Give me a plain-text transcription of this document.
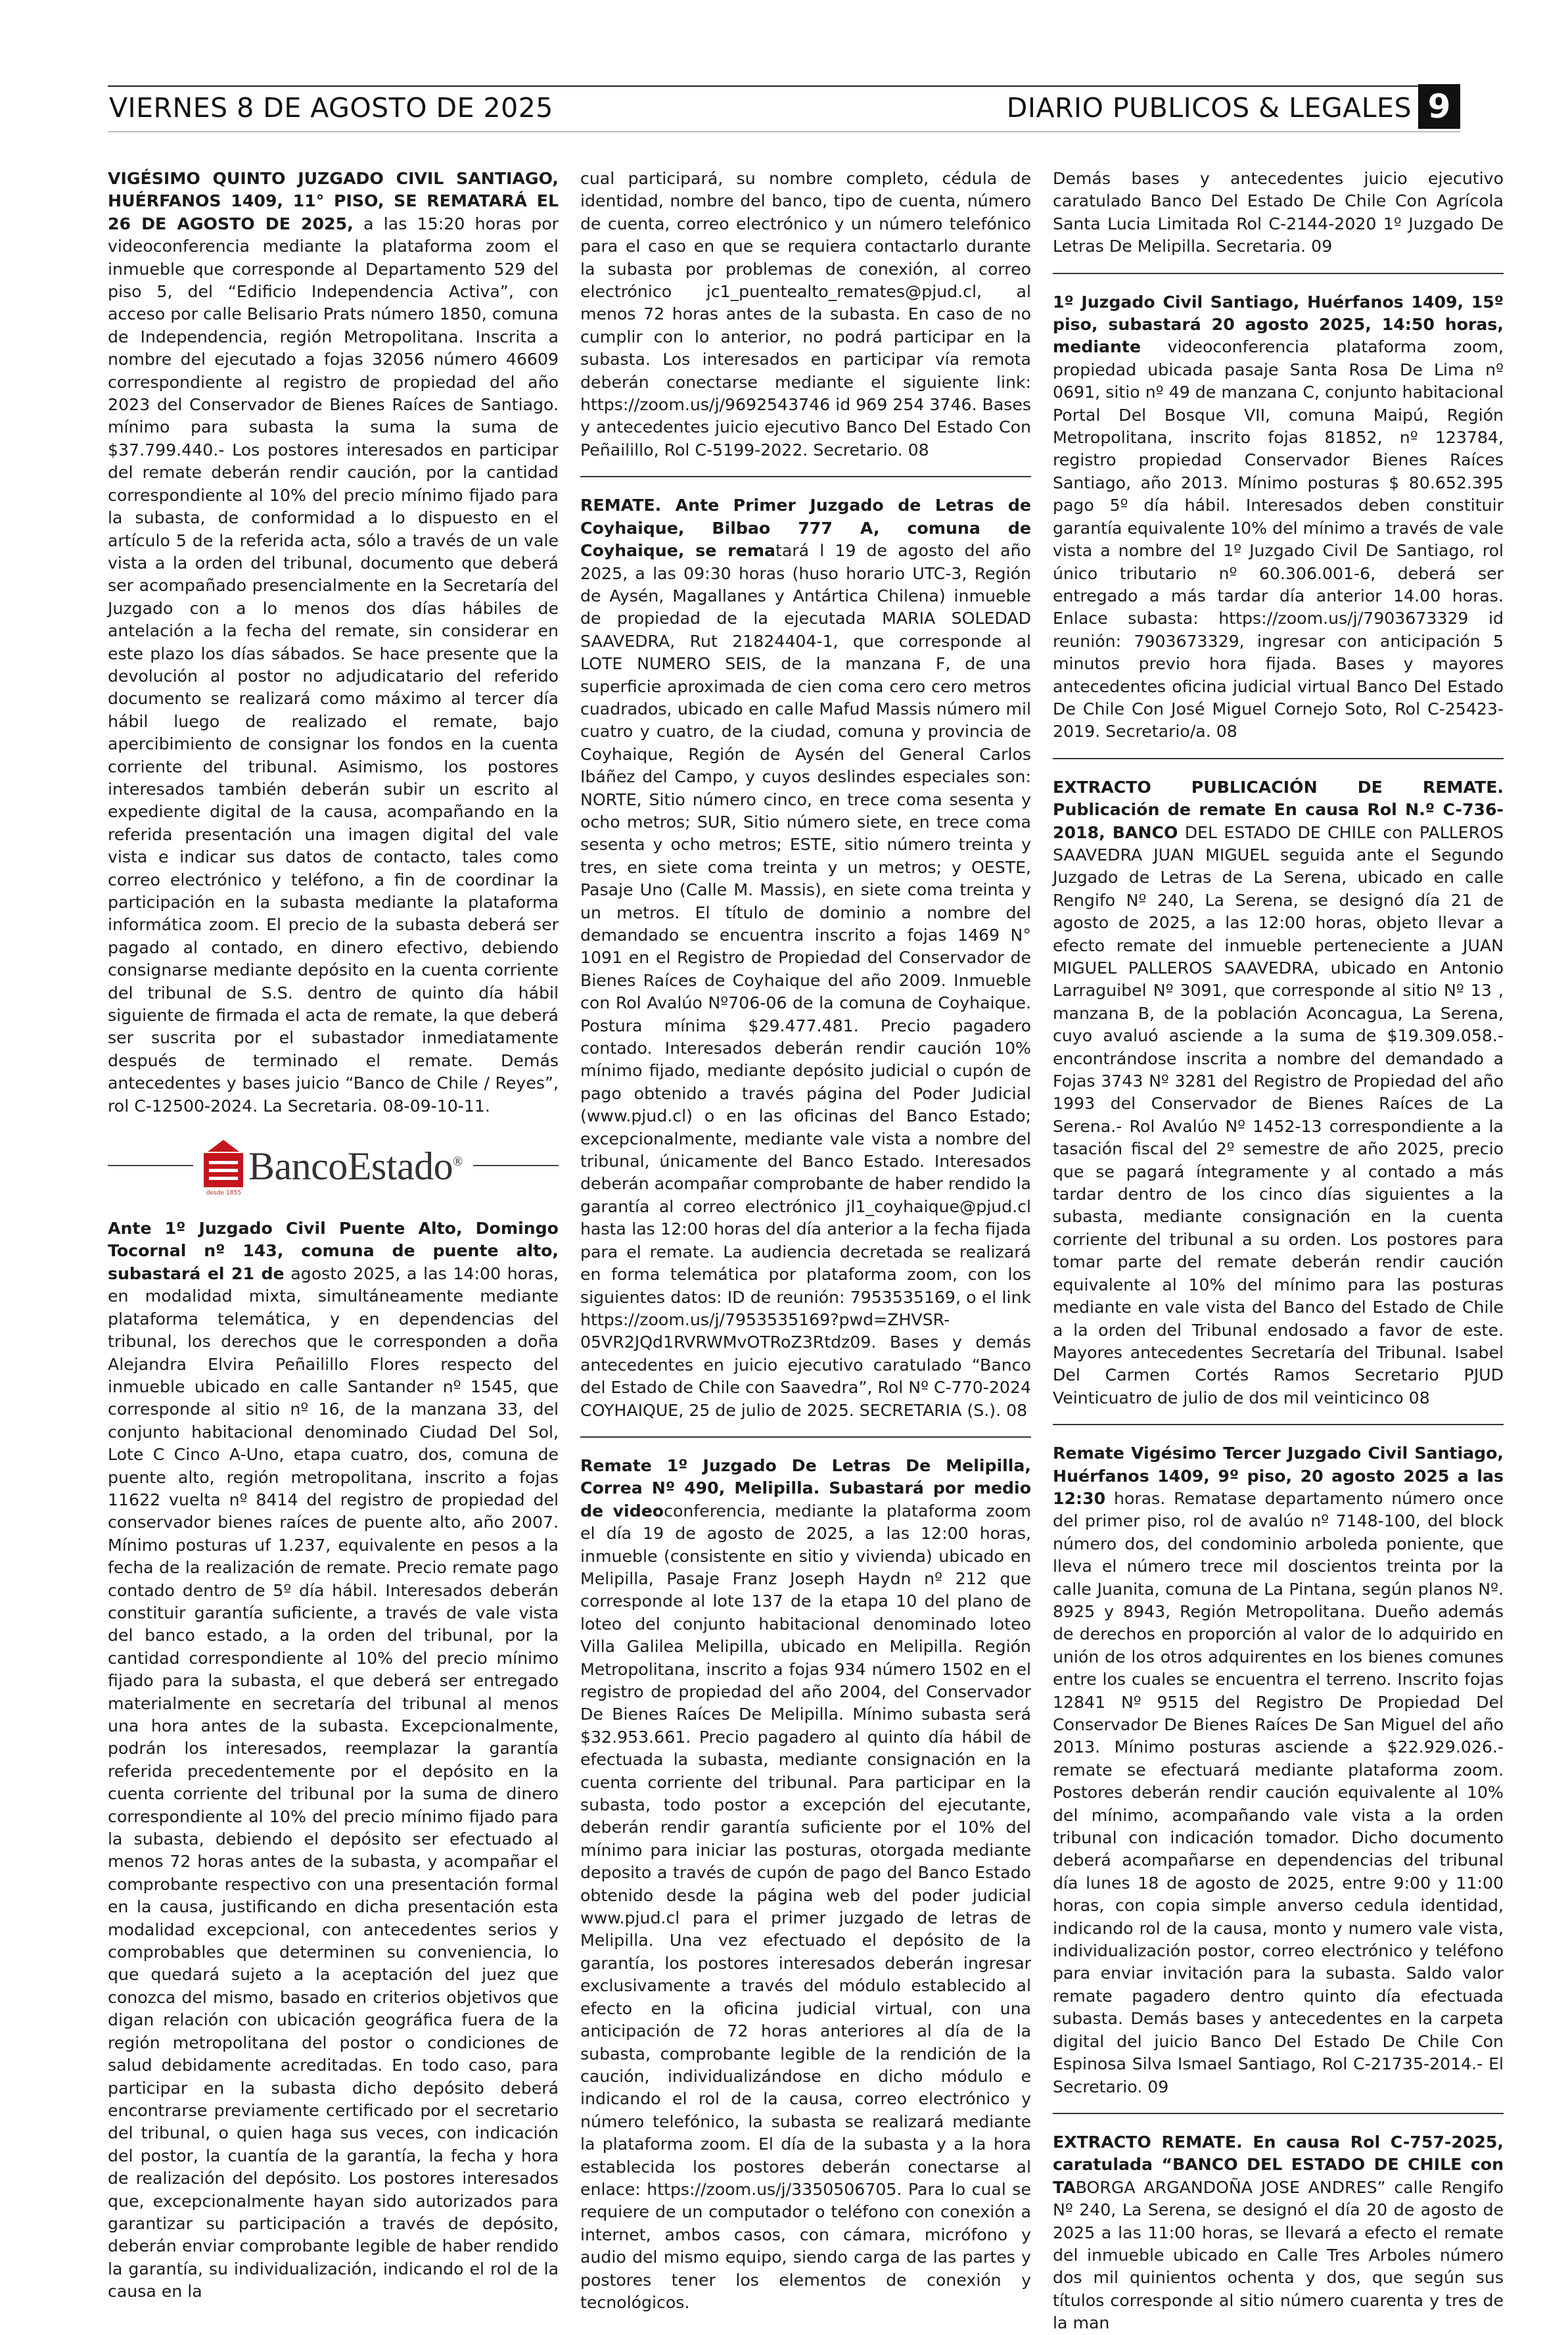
VIERNES 8 DE AGOSTO DE 2025	DIARIO PUBLICOS & LEGALES 9

VIGÉSIMO QUINTO JUZGADO CIVIL SANTIAGO, HUÉRFANOS 1409, 11° PISO, SE REMATARÁ EL 26 DE AGOSTO DE 2025, a las 15:20 horas por videoconferencia mediante la plataforma zoom el inmueble que corresponde al Departamento 529 del piso 5, del “Edificio Independencia Activa”, con acceso por calle Belisario Prats número 1850, comuna de Independencia, región Metropolitana. Inscrita a nombre del ejecutado a fojas 32056 número 46609 correspondiente al registro de propiedad del año 2023 del Conservador de Bienes Raíces de Santiago. mínimo para subasta la suma la suma de $37.799.440.- Los postores interesados en participar del remate deberán rendir caución, por la cantidad correspondiente al 10% del precio mínimo fijado para la subasta, de conformidad a lo dispuesto en el artículo 5 de la referida acta, sólo a través de un vale vista a la orden del tribunal, documento que deberá ser acompañado presencialmente en la Secretaría del Juzgado con a lo menos dos días hábiles de antelación a la fecha del remate, sin considerar en este plazo los días sábados. Se hace presente que la devolución al postor no adjudicatario del referido documento se realizará como máximo al tercer día hábil luego de realizado el remate, bajo apercibimiento de consignar los fondos en la cuenta corriente del tribunal. Asimismo, los postores interesados también deberán subir un escrito al expediente digital de la causa, acompañando en la referida presentación una imagen digital del vale vista e indicar sus datos de contacto, tales como correo electrónico y teléfono, a fin de coordinar la participación en la subasta mediante la plataforma informática zoom. El precio de la subasta deberá ser pagado al contado, en dinero efectivo, debiendo consignarse mediante depósito en la cuenta corriente del tribunal de S.S. dentro de quinto día hábil siguiente de firmada el acta de remate, la que deberá ser suscrita por el subastador inmediatamente después de terminado el remate. Demás antecedentes y bases juicio “Banco de Chile / Reyes”, rol C-12500-2024. La Secretaria. 08-09-10-11.

BancoEstado®
desde 1855

Ante 1º Juzgado Civil Puente Alto, Domingo Tocornal nº 143, comuna de puente alto, subastará el 21 de agosto 2025, a las 14:00 horas, en modalidad mixta, simultáneamente mediante plataforma telemática, y en dependencias del tribunal, los derechos que le corresponden a doña Alejandra Elvira Peñailillo Flores respecto del inmueble ubicado en calle Santander nº 1545, que corresponde al sitio nº 16, de la manzana 33, del conjunto habitacional denominado Ciudad Del Sol, Lote C Cinco A-Uno, etapa cuatro, dos, comuna de puente alto, región metropolitana, inscrito a fojas 11622 vuelta nº 8414 del registro de propiedad del conservador bienes raíces de puente alto, año 2007. Mínimo posturas uf 1.237, equivalente en pesos a la fecha de la realización de remate. Precio remate pago contado dentro de 5º día hábil. Interesados deberán constituir garantía suficiente, a través de vale vista del banco estado, a la orden del tribunal, por la cantidad correspondiente al 10% del precio mínimo fijado para la subasta, el que deberá ser entregado materialmente en secretaría del tribunal al menos una hora antes de la subasta. Excepcionalmente, podrán los interesados, reemplazar la garantía referida precedentemente por el depósito en la cuenta corriente del tribunal por la suma de dinero correspondiente al 10% del precio mínimo fijado para la subasta, debiendo el depósito ser efectuado al menos 72 horas antes de la subasta, y acompañar el comprobante respectivo con una presentación formal en la causa, justificando en dicha presentación esta modalidad excepcional, con antecedentes serios y comprobables que determinen su conveniencia, lo que quedará sujeto a la aceptación del juez que conozca del mismo, basado en criterios objetivos que digan relación con ubicación geográfica fuera de la región metropolitana del postor o condiciones de salud debidamente acreditadas. En todo caso, para participar en la subasta dicho depósito deberá encontrarse previamente certificado por el secretario del tribunal, o quien haga sus veces, con indicación del postor, la cuantía de la garantía, la fecha y hora de realización del depósito. Los postores interesados que, excepcionalmente hayan sido autorizados para garantizar su participación a través de depósito, deberán enviar comprobante legible de haber rendido la garantía, su individualización, indicando el rol de la causa en la

cual participará, su nombre completo, cédula de identidad, nombre del banco, tipo de cuenta, número de cuenta, correo electrónico y un número telefónico para el caso en que se requiera contactarlo durante la subasta por problemas de conexión, al correo electrónico jc1_puentealto_remates@pjud.cl, al menos 72 horas antes de la subasta. En caso de no cumplir con lo anterior, no podrá participar en la subasta. Los interesados en participar vía remota deberán conectarse mediante el siguiente link: https://zoom.us/j/9692543746 id 969 254 3746. Bases y antecedentes juicio ejecutivo Banco Del Estado Con Peñailillo, Rol C-5199-2022. Secretario. 08

REMATE. Ante Primer Juzgado de Letras de Coyhaique, Bilbao 777 A, comuna de Coyhaique, se rematará l 19 de agosto del año 2025, a las 09:30 horas (huso horario UTC-3, Región de Aysén, Magallanes y Antártica Chilena) inmueble de propiedad de la ejecutada MARIA SOLEDAD SAAVEDRA, Rut 21824404-1, que corresponde al LOTE NUMERO SEIS, de la manzana F, de una superficie aproximada de cien coma cero cero metros cuadrados, ubicado en calle Mafud Massis número mil cuatro y cuatro, de la ciudad, comuna y provincia de Coyhaique, Región de Aysén del General Carlos Ibáñez del Campo, y cuyos deslindes especiales son: NORTE, Sitio número cinco, en trece coma sesenta y ocho metros; SUR, Sitio número siete, en trece coma sesenta y ocho metros; ESTE, sitio número treinta y tres, en siete coma treinta y un metros; y OESTE, Pasaje Uno (Calle M. Massis), en siete coma treinta y un metros. El título de dominio a nombre del demandado se encuentra inscrito a fojas 1469 N° 1091 en el Registro de Propiedad del Conservador de Bienes Raíces de Coyhaique del año 2009. Inmueble con Rol Avalúo Nº706-06 de la comuna de Coyhaique. Postura mínima $29.477.481. Precio pagadero contado. Interesados deberán rendir caución 10% mínimo fijado, mediante depósito judicial o cupón de pago obtenido a través página del Poder Judicial (www.pjud.cl) o en las oficinas del Banco Estado; excepcionalmente, mediante vale vista a nombre del tribunal, únicamente del Banco Estado. Interesados deberán acompañar comprobante de haber rendido la garantía al correo electrónico jl1_coyhaique@pjud.cl hasta las 12:00 horas del día anterior a la fecha fijada para el remate. La audiencia decretada se realizará en forma telemática por plataforma zoom, con los siguientes datos: ID de reunión: 7953535169, o el link https://zoom.us/j/7953535169?pwd=ZHVSR-05VR2JQd1RVRWMvOTRoZ3Rtdz09. Bases y demás antecedentes en juicio ejecutivo caratulado “Banco del Estado de Chile con Saavedra”, Rol Nº C-770-2024 COYHAIQUE, 25 de julio de 2025. SECRETARIA (S.). 08

Remate 1º Juzgado De Letras De Melipilla, Correa Nº 490, Melipilla. Subastará por medio de videoconferencia, mediante la plataforma zoom el día 19 de agosto de 2025, a las 12:00 horas, inmueble (consistente en sitio y vivienda) ubicado en Melipilla, Pasaje Franz Joseph Haydn nº 212 que corresponde al lote 137 de la etapa 10 del plano de loteo del conjunto habitacional denominado loteo Villa Galilea Melipilla, ubicado en Melipilla. Región Metropolitana, inscrito a fojas 934 número 1502 en el registro de propiedad del año 2004, del Conservador De Bienes Raíces De Melipilla. Mínimo subasta será $32.953.661. Precio pagadero al quinto día hábil de efectuada la subasta, mediante consignación en la cuenta corriente del tribunal. Para participar en la subasta, todo postor a excepción del ejecutante, deberán rendir garantía suficiente por el 10% del mínimo para iniciar las posturas, otorgada mediante deposito a través de cupón de pago del Banco Estado obtenido desde la página web del poder judicial www.pjud.cl para el primer juzgado de letras de Melipilla. Una vez efectuado el depósito de la garantía, los postores interesados deberán ingresar exclusivamente a través del módulo establecido al efecto en la oficina judicial virtual, con una anticipación de 72 horas anteriores al día de la subasta, comprobante legible de la rendición de la caución, individualizándose en dicho módulo e indicando el rol de la causa, correo electrónico y número telefónico, la subasta se realizará mediante la plataforma zoom. El día de la subasta y a la hora establecida los postores deberán conectarse al enlace: https://zoom.us/j/3350506705. Para lo cual se requiere de un computador o teléfono con conexión a internet, ambos casos, con cámara, micrófono y audio del mismo equipo, siendo carga de las partes y postores tener los elementos de conexión y tecnológicos.

Demás bases y antecedentes juicio ejecutivo caratulado Banco Del Estado De Chile Con Agrícola Santa Lucia Limitada Rol C-2144-2020 1º Juzgado De Letras De Melipilla. Secretaria. 09

1º Juzgado Civil Santiago, Huérfanos 1409, 15º piso, subastará 20 agosto 2025, 14:50 horas, mediante videoconferencia plataforma zoom, propiedad ubicada pasaje Santa Rosa De Lima nº 0691, sitio nº 49 de manzana C, conjunto habitacional Portal Del Bosque VII, comuna Maipú, Región Metropolitana, inscrito fojas 81852, nº 123784, registro propiedad Conservador Bienes Raíces Santiago, año 2013. Mínimo posturas $ 80.652.395 pago 5º día hábil. Interesados deben constituir garantía equivalente 10% del mínimo a través de vale vista a nombre del 1º Juzgado Civil De Santiago, rol único tributario nº 60.306.001-6, deberá ser entregado a más tardar día anterior 14.00 horas. Enlace subasta: https://zoom.us/j/7903673329 id reunión: 7903673329, ingresar con anticipación 5 minutos previo hora fijada. Bases y mayores antecedentes oficina judicial virtual Banco Del Estado De Chile Con José Miguel Cornejo Soto, Rol C-25423-2019. Secretario/a. 08

EXTRACTO PUBLICACIÓN DE REMATE. Publicación de remate En causa Rol N.º C-736-2018, BANCO DEL ESTADO DE CHILE con PALLEROS SAAVEDRA JUAN MIGUEL seguida ante el Segundo Juzgado de Letras de La Serena, ubicado en calle Rengifo Nº 240, La Serena, se designó día 21 de agosto de 2025, a las 12:00 horas, objeto llevar a efecto remate del inmueble perteneciente a JUAN MIGUEL PALLEROS SAAVEDRA, ubicado en Antonio Larraguibel Nº 3091, que corresponde al sitio Nº 13 , manzana B, de la población Aconcagua, La Serena, cuyo avaluó asciende a la suma de $19.309.058.- encontrándose inscrita a nombre del demandado a Fojas 3743 Nº 3281 del Registro de Propiedad del año 1993 del Conservador de Bienes Raíces de La Serena.- Rol Avalúo Nº 1452-13 correspondiente a la tasación fiscal del 2º semestre de año 2025, precio que se pagará íntegramente y al contado a más tardar dentro de los cinco días siguientes a la subasta, mediante consignación en la cuenta corriente del tribunal a su orden. Los postores para tomar parte del remate deberán rendir caución equivalente al 10% del mínimo para las posturas mediante en vale vista del Banco del Estado de Chile a la orden del Tribunal endosado a favor de este. Mayores antecedentes Secretaría del Tribunal. Isabel Del Carmen Cortés Ramos Secretario PJUD Veinticuatro de julio de dos mil veinticinco 08

Remate Vigésimo Tercer Juzgado Civil Santiago, Huérfanos 1409, 9º piso, 20 agosto 2025 a las 12:30 horas. Rematase departamento número once del primer piso, rol de avalúo nº 7148-100, del block número dos, del condominio arboleda poniente, que lleva el número trece mil doscientos treinta por la calle Juanita, comuna de La Pintana, según planos Nº. 8925 y 8943, Región Metropolitana. Dueño además de derechos en proporción al valor de lo adquirido en unión de los otros adquirentes en los bienes comunes entre los cuales se encuentra el terreno. Inscrito fojas 12841 Nº 9515 del Registro De Propiedad Del Conservador De Bienes Raíces De San Miguel del año 2013. Mínimo posturas asciende a $22.929.026.- remate se efectuará mediante plataforma zoom. Postores deberán rendir caución equivalente al 10% del mínimo, acompañando vale vista a la orden tribunal con indicación tomador. Dicho documento deberá acompañarse en dependencias del tribunal día lunes 18 de agosto de 2025, entre 9:00 y 11:00 horas, con copia simple anverso cedula identidad, indicando rol de la causa, monto y numero vale vista, individualización postor, correo electrónico y teléfono para enviar invitación para la subasta. Saldo valor remate pagadero dentro quinto día efectuada subasta. Demás bases y antecedentes en la carpeta digital del juicio Banco Del Estado De Chile Con Espinosa Silva Ismael Santiago, Rol C-21735-2014.- El Secretario. 09

EXTRACTO REMATE. En causa Rol C-757-2025, caratulada “BANCO DEL ESTADO DE CHILE con TABORGA ARGANDOÑA JOSE ANDRES” calle Rengifo Nº 240, La Serena, se designó el día 20 de agosto de 2025 a las 11:00 horas, se llevará a efecto el remate del inmueble ubicado en Calle Tres Arboles número dos mil quinientos ochenta y dos, que según sus títulos corresponde al sitio número cuarenta y tres de la man
